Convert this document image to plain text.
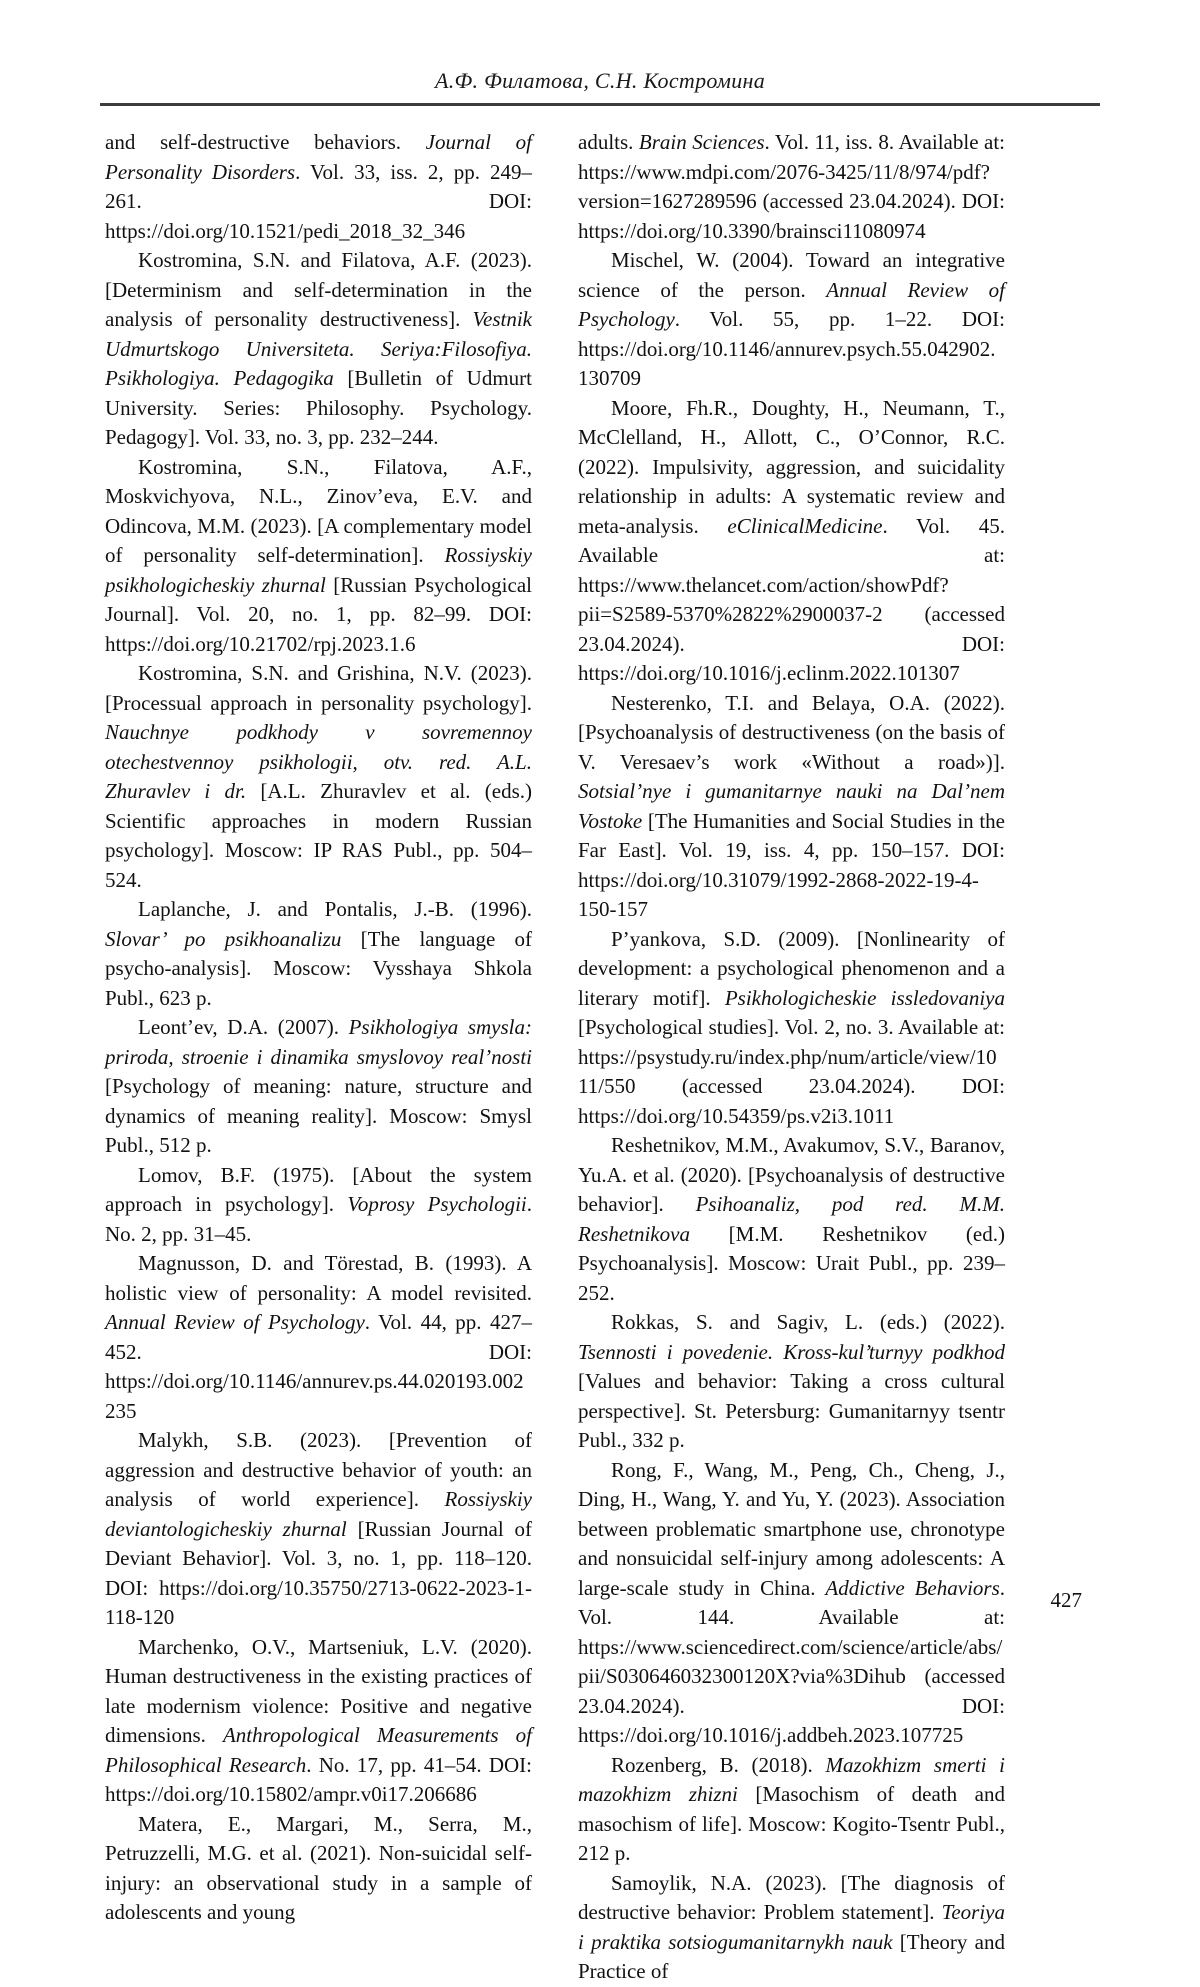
А.Ф. Филатова, С.Н. Костромина

and self-destructive behaviors. Journal of Personality Disorders. Vol. 33, iss. 2, pp. 249–261. DOI: https://doi.org/10.1521/pedi_2018_32_346

Kostromina, S.N. and Filatova, A.F. (2023). [Determinism and self-determination in the analysis of personality destructiveness]. Vestnik Udmurtskogo Universiteta. Seriya:Filosofiya. Psikhologiya. Pedagogika [Bulletin of Udmurt University. Series: Philosophy. Psychology. Pedagogy]. Vol. 33, no. 3, pp. 232–244.

Kostromina, S.N., Filatova, A.F., Moskvichyova, N.L., Zinov’eva, E.V. and Odincova, M.M. (2023). [A complementary model of personality self-determination]. Rossiyskiy psikhologicheskiy zhurnal [Russian Psychological Journal]. Vol. 20, no. 1, pp. 82–99. DOI: https://doi.org/10.21702/rpj.2023.1.6

Kostromina, S.N. and Grishina, N.V. (2023). [Processual approach in personality psychology]. Nauchnye podkhody v sovremennoy otechestvennoy psikhologii, otv. red. A.L. Zhuravlev i dr. [A.L. Zhuravlev et al. (eds.) Scientific approaches in modern Russian psychology]. Moscow: IP RAS Publ., pp. 504–524.

Laplanche, J. and Pontalis, J.-B. (1996). Slovar’ po psikhoanalizu [The language of psycho-analysis]. Moscow: Vysshaya Shkola Publ., 623 p.

Leont’ev, D.A. (2007). Psikhologiya smysla: priroda, stroenie i dinamika smyslovoy real’nosti [Psychology of meaning: nature, structure and dynamics of meaning reality]. Moscow: Smysl Publ., 512 p.

Lomov, B.F. (1975). [About the system approach in psychology]. Voprosy Psychologii. No. 2, pp. 31–45.

Magnusson, D. and Törestad, B. (1993). A holistic view of personality: A model revisited. Annual Review of Psychology. Vol. 44, pp. 427–452. DOI: https://doi.org/10.1146/annurev.ps.44.020193.002235

Malykh, S.B. (2023). [Prevention of aggression and destructive behavior of youth: an analysis of world experience]. Rossiyskiy deviantologicheskiy zhurnal [Russian Journal of Deviant Behavior]. Vol. 3, no. 1, pp. 118–120. DOI: https://doi.org/10.35750/2713-0622-2023-1-118-120

Marchenko, O.V., Martseniuk, L.V. (2020). Human destructiveness in the existing practices of late modernism violence: Positive and negative dimensions. Anthropological Measurements of Philosophical Research. No. 17, pp. 41–54. DOI: https://doi.org/10.15802/ampr.v0i17.206686

Matera, E., Margari, M., Serra, M., Petruzzelli, M.G. et al. (2021). Non-suicidal self-injury: an observational study in a sample of adolescents and young

adults. Brain Sciences. Vol. 11, iss. 8. Available at: https://www.mdpi.com/2076-3425/11/8/974/pdf?version=1627289596 (accessed 23.04.2024). DOI: https://doi.org/10.3390/brainsci11080974

Mischel, W. (2004). Toward an integrative science of the person. Annual Review of Psychology. Vol. 55, pp. 1–22. DOI: https://doi.org/10.1146/annurev.psych.55.042902.130709

Moore, Fh.R., Doughty, H., Neumann, T., McClelland, H., Allott, C., O’Connor, R.C. (2022). Impulsivity, aggression, and suicidality relationship in adults: A systematic review and meta-analysis. eClinicalMedicine. Vol. 45. Available at: https://www.thelancet.com/action/showPdf?pii=S2589-5370%2822%2900037-2 (accessed 23.04.2024). DOI: https://doi.org/10.1016/j.eclinm.2022.101307

Nesterenko, T.I. and Belaya, O.A. (2022). [Psychoanalysis of destructiveness (on the basis of V. Veresaev’s work «Without a road»)]. Sotsial’nye i gumanitarnye nauki na Dal’nem Vostoke [The Humanities and Social Studies in the Far East]. Vol. 19, iss. 4, pp. 150–157. DOI: https://doi.org/10.31079/1992-2868-2022-19-4-150-157

P’yankova, S.D. (2009). [Nonlinearity of development: a psychological phenomenon and a literary motif]. Psikhologicheskie issledovaniya [Psychological studies]. Vol. 2, no. 3. Available at: https://psystudy.ru/index.php/num/article/view/1011/550 (accessed 23.04.2024). DOI: https://doi.org/10.54359/ps.v2i3.1011

Reshetnikov, M.M., Avakumov, S.V., Baranov, Yu.A. et al. (2020). [Psychoanalysis of destructive behavior]. Psihoanaliz, pod red. M.M. Reshetnikova [M.M. Reshetnikov (ed.) Psychoanalysis]. Moscow: Urait Publ., pp. 239–252.

Rokkas, S. and Sagiv, L. (eds.) (2022). Tsennosti i povedenie. Kross-kul’turnyy podkhod [Values and behavior: Taking a cross cultural perspective]. St. Petersburg: Gumanitarnyy tsentr Publ., 332 p.

Rong, F., Wang, M., Peng, Ch., Cheng, J., Ding, H., Wang, Y. and Yu, Y. (2023). Association between problematic smartphone use, chronotype and nonsuicidal self-injury among adolescents: A large-scale study in China. Addictive Behaviors. Vol. 144. Available at: https://www.sciencedirect.com/science/article/abs/pii/S030646032300120X?via%3Dihub (accessed 23.04.2024). DOI: https://doi.org/10.1016/j.addbeh.2023.107725

Rozenberg, B. (2018). Mazokhizm smerti i mazokhizm zhizni [Masochism of death and masochism of life]. Moscow: Kogito-Tsentr Publ., 212 p.

Samoylik, N.A. (2023). [The diagnosis of destructive behavior: Problem statement]. Teoriya i praktika sotsiogumanitarnykh nauk [Theory and Practice of

427
